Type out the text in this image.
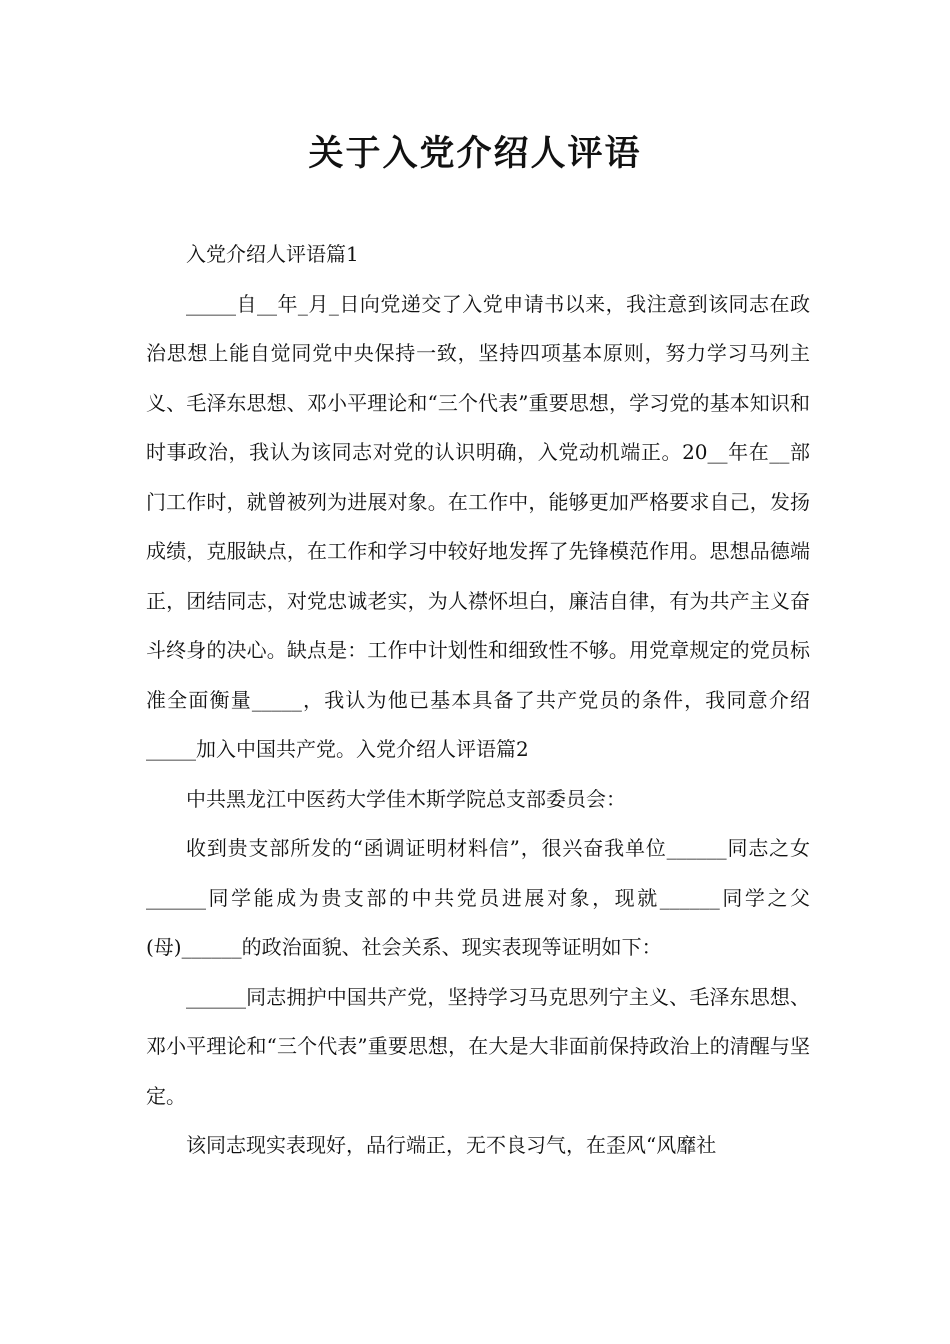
关于入党介绍人评语

入党介绍人评语篇1

_____自__年_月_日向党递交了入党申请书以来，我注意到该同志在政治思想上能自觉同党中央保持一致，坚持四项基本原则，努力学习马列主义、毛泽东思想、邓小平理论和“三个代表”重要思想，学习党的基本知识和时事政治，我认为该同志对党的认识明确，入党动机端正。20__年在__部门工作时，就曾被列为进展对象。在工作中，能够更加严格要求自己，发扬成绩，克服缺点，在工作和学习中较好地发挥了先锋模范作用。思想品德端正，团结同志，对党忠诚老实，为人襟怀坦白，廉洁自律，有为共产主义奋斗终身的决心。缺点是：工作中计划性和细致性不够。用党章规定的党员标准全面衡量_____，我认为他已基本具备了共产党员的条件，我同意介绍_____加入中国共产党。入党介绍人评语篇2

中共黑龙江中医药大学佳木斯学院总支部委员会：

收到贵支部所发的“函调证明材料信”，很兴奋我单位______同志之女______同学能成为贵支部的中共党员进展对象，现就______同学之父(母)______的政治面貌、社会关系、现实表现等证明如下：

______同志拥护中国共产党，坚持学习马克思列宁主义、毛泽东思想、邓小平理论和“三个代表”重要思想，在大是大非面前保持政治上的清醒与坚定。

该同志现实表现好，品行端正，无不良习气，在歪风“风靡社
